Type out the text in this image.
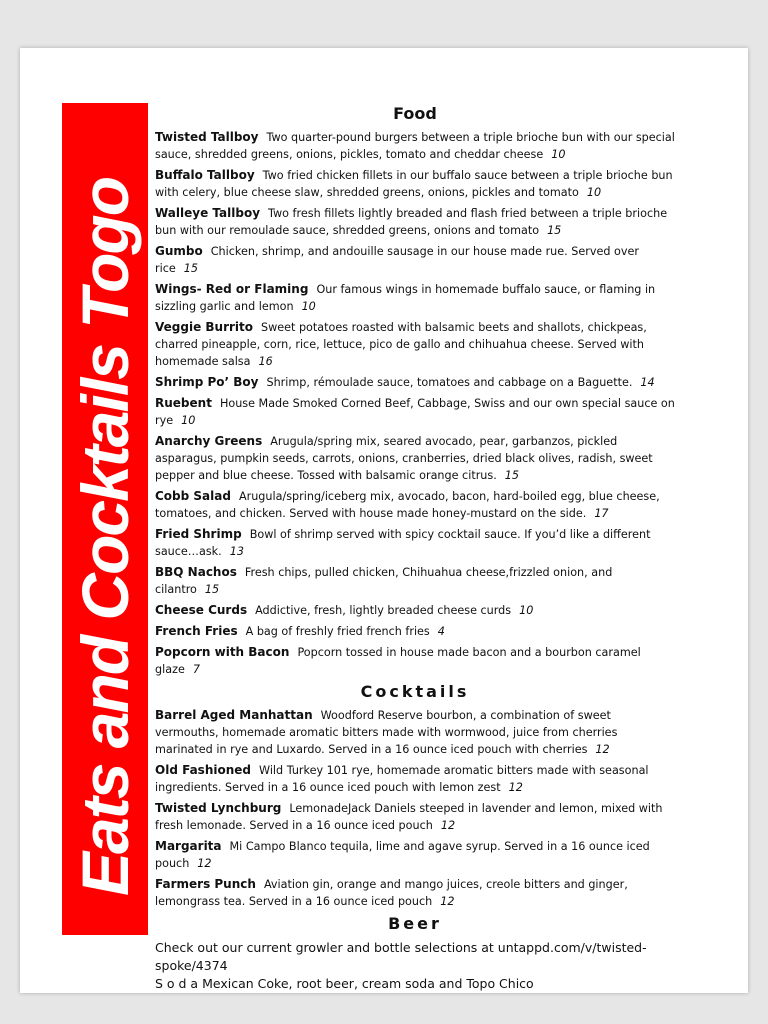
Eats and Cocktails Togo
Food
Twisted Tallboy Two quarter-pound burgers between a triple brioche bun with our special sauce, shredded greens, onions, pickles, tomato and cheddar cheese 10
Buffalo Tallboy Two fried chicken fillets in our buffalo sauce between a triple brioche bun with celery, blue cheese slaw, shredded greens, onions, pickles and tomato 10
Walleye Tallboy Two fresh fillets lightly breaded and flash fried between a triple brioche bun with our remoulade sauce, shredded greens, onions and tomato 15
Gumbo Chicken, shrimp, and andouille sausage in our house made rue. Served over rice 15
Wings- Red or Flaming Our famous wings in homemade buffalo sauce, or flaming in sizzling garlic and lemon 10
Veggie Burrito Sweet potatoes roasted with balsamic beets and shallots, chickpeas, charred pineapple, corn, rice, lettuce, pico de gallo and chihuahua cheese. Served with homemade salsa 16
Shrimp Po’ Boy Shrimp, rémoulade sauce, tomatoes and cabbage on a Baguette. 14
Ruebent House Made Smoked Corned Beef, Cabbage, Swiss and our own special sauce on rye 10
Anarchy Greens Arugula/spring mix, seared avocado, pear, garbanzos, pickled asparagus, pumpkin seeds, carrots, onions, cranberries, dried black olives, radish, sweet pepper and blue cheese. Tossed with balsamic orange citrus. 15
Cobb Salad Arugula/spring/iceberg mix, avocado, bacon, hard-boiled egg, blue cheese, tomatoes, and chicken. Served with house made honey-mustard on the side. 17
Fried Shrimp Bowl of shrimp served with spicy cocktail sauce. If you’d like a different sauce…ask. 13
BBQ Nachos Fresh chips, pulled chicken, Chihuahua cheese,frizzled onion, and cilantro 15
Cheese Curds Addictive, fresh, lightly breaded cheese curds 10
French Fries A bag of freshly fried french fries 4
Popcorn with Bacon Popcorn tossed in house made bacon and a bourbon caramel glaze 7
Cocktails
Barrel Aged Manhattan Woodford Reserve bourbon, a combination of sweet vermouths, homemade aromatic bitters made with wormwood, juice from cherries marinated in rye and Luxardo. Served in a 16 ounce iced pouch with cherries 12
Old Fashioned Wild Turkey 101 rye, homemade aromatic bitters made with seasonal ingredients. Served in a 16 ounce iced pouch with lemon zest 12
Twisted Lynchburg LemonadeJack Daniels steeped in lavender and lemon, mixed with fresh lemonade. Served in a 16 ounce iced pouch 12
Margarita Mi Campo Blanco tequila, lime and agave syrup. Served in a 16 ounce iced pouch 12
Farmers Punch Aviation gin, orange and mango juices, creole bitters and ginger, lemongrass tea. Served in a 16 ounce iced pouch 12
Beer
Check out our current growler and bottle selections at untappd.com/v/twisted-spoke/4374
S o d a Mexican Coke, root beer, cream soda and Topo Chico
